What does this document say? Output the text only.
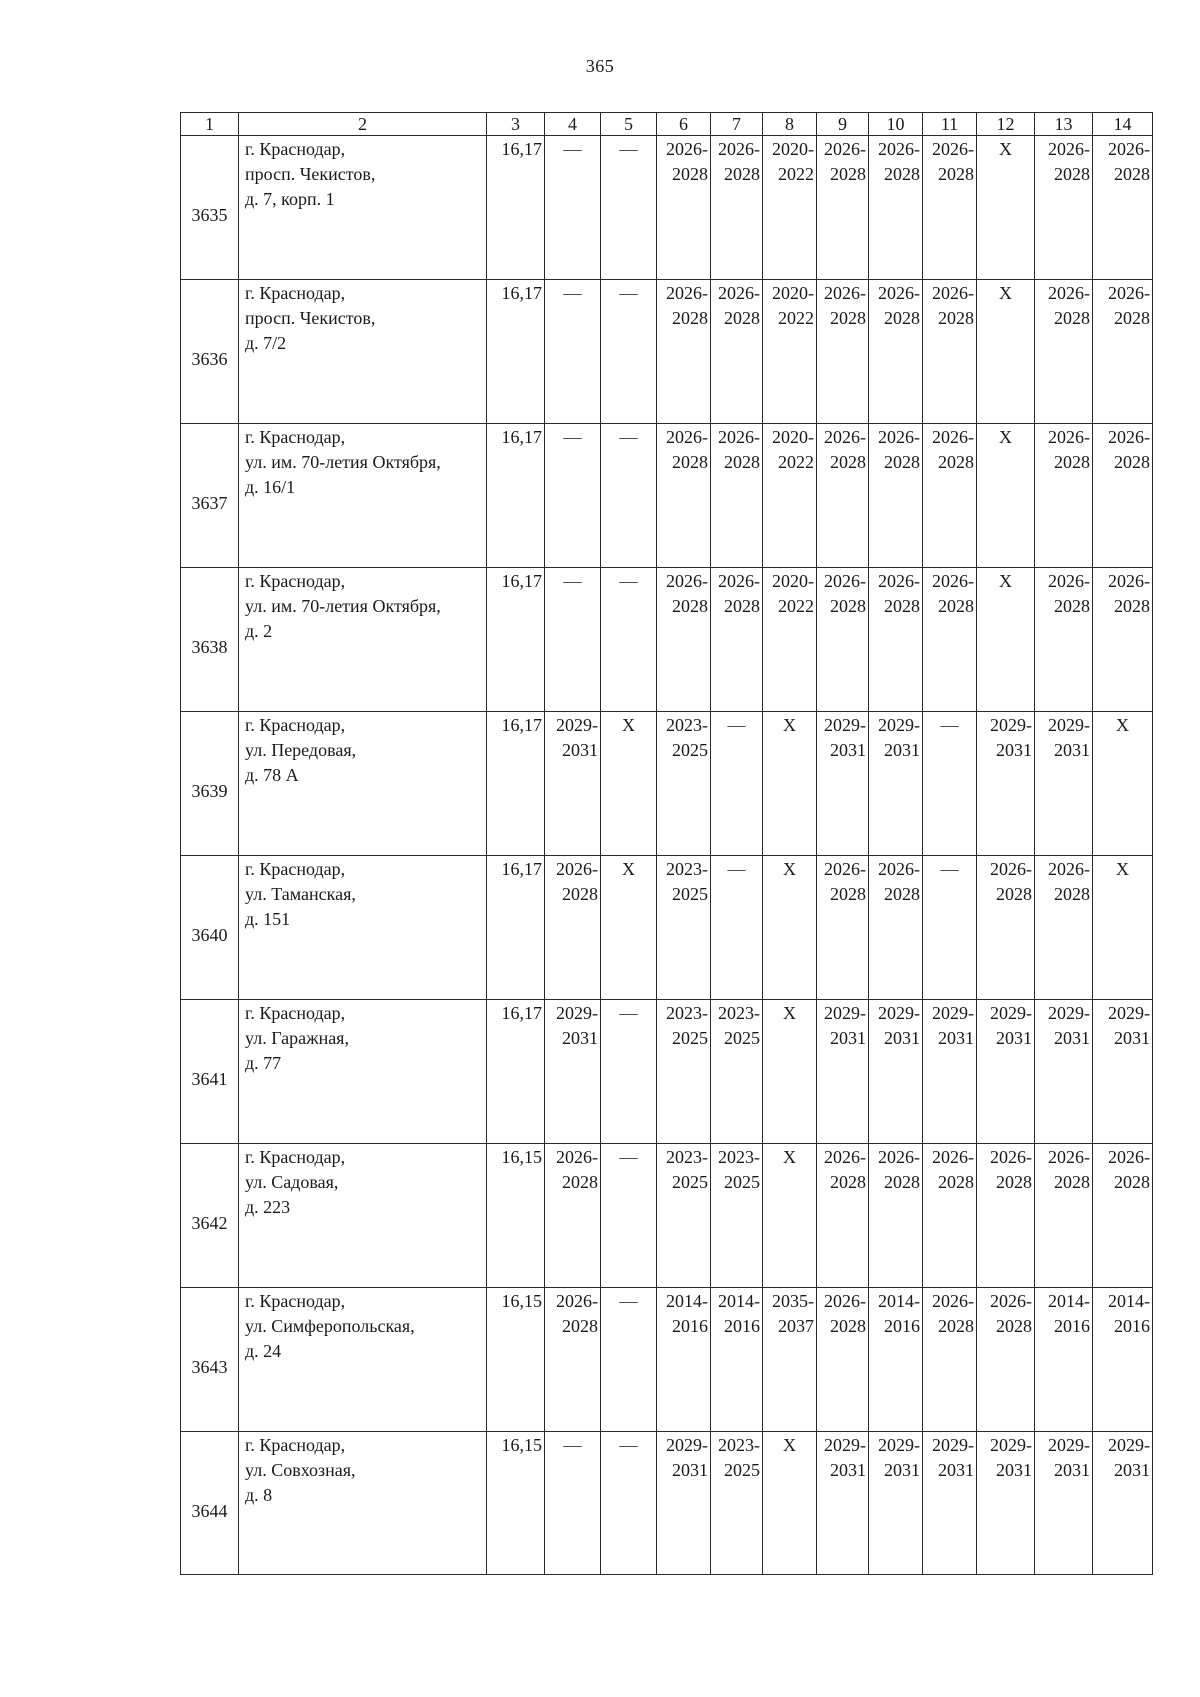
365
1	2	3	4	5	6	7	8	9	10	11	12	13	14
3635	г. Краснодар,
просп. Чекистов,
д. 7, корп. 1	16,17	—	—	2026-
2028	2026-
2028	2020-
2022	2026-
2028	2026-
2028	2026-
2028	X	2026-
2028	2026-
2028
3636	г. Краснодар,
просп. Чекистов,
д. 7/2	16,17	—	—	2026-
2028	2026-
2028	2020-
2022	2026-
2028	2026-
2028	2026-
2028	X	2026-
2028	2026-
2028
3637	г. Краснодар,
ул. им. 70-летия Октября,
д. 16/1	16,17	—	—	2026-
2028	2026-
2028	2020-
2022	2026-
2028	2026-
2028	2026-
2028	X	2026-
2028	2026-
2028
3638	г. Краснодар,
ул. им. 70-летия Октября,
д. 2	16,17	—	—	2026-
2028	2026-
2028	2020-
2022	2026-
2028	2026-
2028	2026-
2028	X	2026-
2028	2026-
2028
3639	г. Краснодар,
ул. Передовая,
д. 78 А	16,17	2029-
2031	X	2023-
2025	—	X	2029-
2031	2029-
2031	—	2029-
2031	2029-
2031	X
3640	г. Краснодар,
ул. Таманская,
д. 151	16,17	2026-
2028	X	2023-
2025	—	X	2026-
2028	2026-
2028	—	2026-
2028	2026-
2028	X
3641	г. Краснодар,
ул. Гаражная,
д. 77	16,17	2029-
2031	—	2023-
2025	2023-
2025	X	2029-
2031	2029-
2031	2029-
2031	2029-
2031	2029-
2031	2029-
2031
3642	г. Краснодар,
ул. Садовая,
д. 223	16,15	2026-
2028	—	2023-
2025	2023-
2025	X	2026-
2028	2026-
2028	2026-
2028	2026-
2028	2026-
2028	2026-
2028
3643	г. Краснодар,
ул. Симферопольская,
д. 24	16,15	2026-
2028	—	2014-
2016	2014-
2016	2035-
2037	2026-
2028	2014-
2016	2026-
2028	2026-
2028	2014-
2016	2014-
2016
3644	г. Краснодар,
ул. Совхозная,
д. 8	16,15	—	—	2029-
2031	2023-
2025	X	2029-
2031	2029-
2031	2029-
2031	2029-
2031	2029-
2031	2029-
2031
